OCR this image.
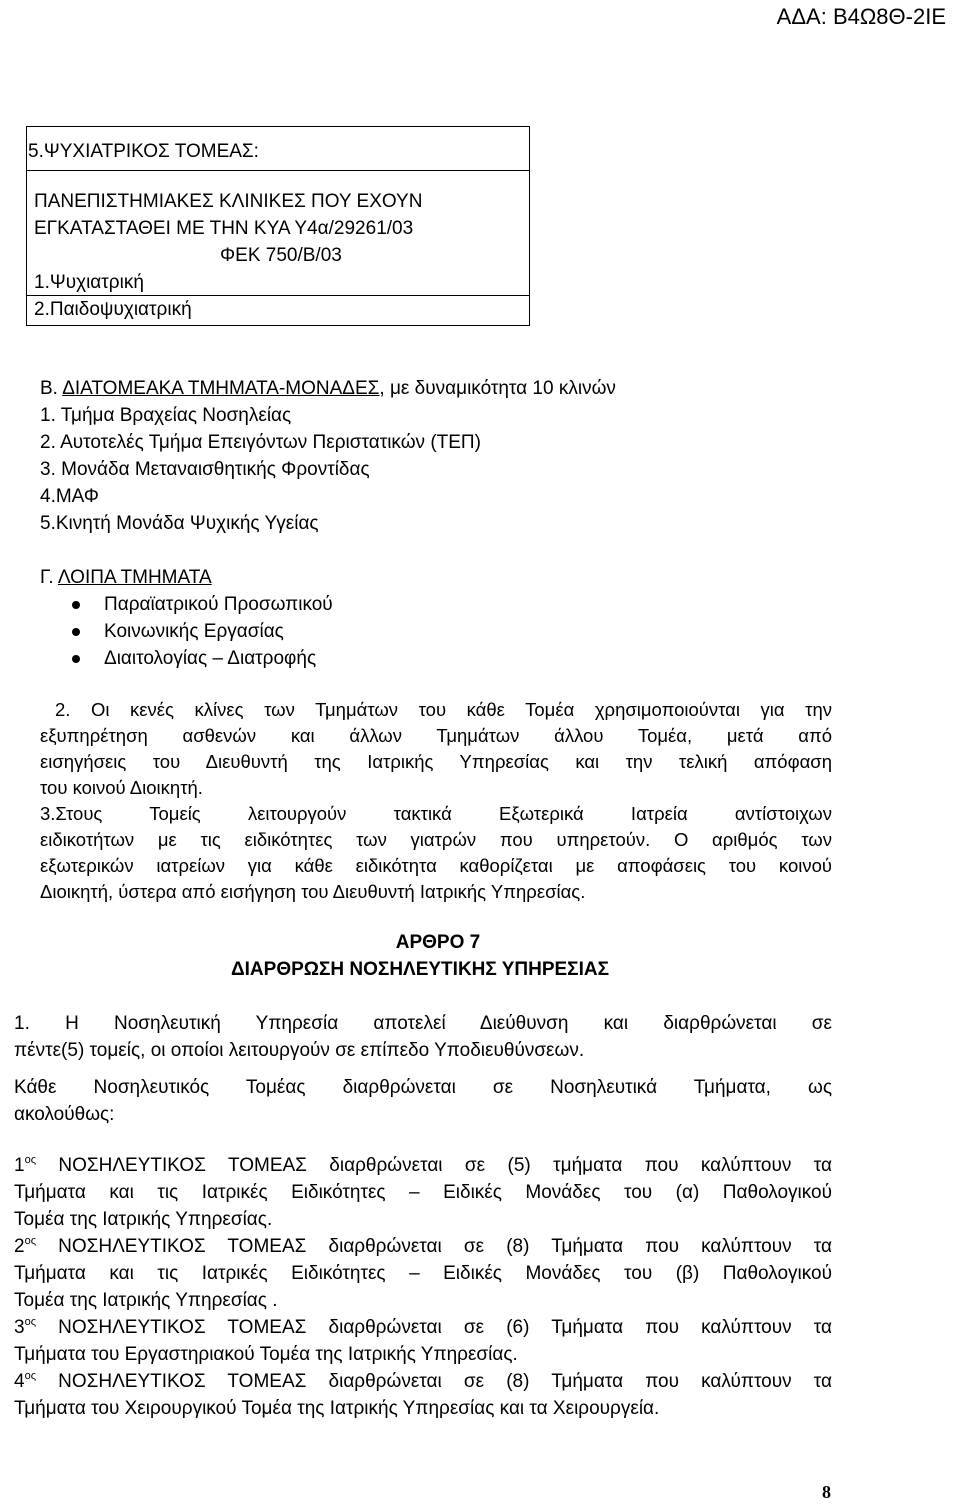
ΑΔΑ: Β4Ω8Θ-2ΙΕ
5.ΨΥΧΙΑΤΡΙΚΟΣ ΤΟΜΕΑΣ:
ΠΑΝΕΠΙΣΤΗΜΙΑΚΕΣ ΚΛΙΝΙΚΕΣ ΠΟΥ ΕΧΟΥΝ
ΕΓΚΑΤΑΣΤΑΘΕΙ ΜΕ ΤΗΝ ΚΥΑ Υ4α/29261/03
ΦΕΚ 750/Β/03
1.Ψυχιατρική
2.Παιδοψυχιατρική
Β. ΔΙΑΤΟΜΕΑΚΑ ΤΜΗΜΑΤΑ-ΜΟΝΑΔΕΣ, με δυναμικότητα 10 κλινών
1. Τμήμα Βραχείας Νοσηλείας
2. Αυτοτελές Τμήμα Επειγόντων Περιστατικών (ΤΕΠ)
3. Μονάδα Μεταναισθητικής Φροντίδας
4.ΜΑΦ
5.Κινητή Μονάδα Ψυχικής Υγείας
Γ. ΛΟΙΠΑ ΤΜΗΜΑΤΑ
Παραϊατρικού Προσωπικού
Κοινωνικής Εργασίας
Διαιτολογίας – Διατροφής
2. Οι κενές κλίνες των Τμημάτων του κάθε Τομέα χρησιμοποιούνται για την
εξυπηρέτηση ασθενών και άλλων Τμημάτων άλλου Τομέα, μετά από
εισηγήσεις του Διευθυντή της Ιατρικής Υπηρεσίας και την τελική απόφαση
του κοινού Διοικητή.
3.Στους Τομείς λειτουργούν τακτικά Εξωτερικά Ιατρεία αντίστοιχων
ειδικοτήτων με τις ειδικότητες των γιατρών που υπηρετούν. Ο αριθμός των
εξωτερικών ιατρείων για κάθε ειδικότητα καθορίζεται με αποφάσεις του κοινού
Διοικητή, ύστερα από εισήγηση του Διευθυντή Ιατρικής Υπηρεσίας.
ΑΡΘΡΟ 7
ΔΙΑΡΘΡΩΣΗ ΝΟΣΗΛΕΥΤΙΚΗΣ ΥΠΗΡΕΣΙΑΣ
1. Η Νοσηλευτική Υπηρεσία αποτελεί Διεύθυνση και διαρθρώνεται σε
πέντε(5) τομείς, οι οποίοι λειτουργούν σε επίπεδο Υποδιευθύνσεων.
Κάθε Νοσηλευτικός Τομέας διαρθρώνεται σε Νοσηλευτικά Τμήματα, ως
ακολούθως:
$1^{o\varsigma}$ ΝΟΣΗΛΕΥΤΙΚΟΣ ΤΟΜΕΑΣ διαρθρώνεται σε (5) τμήματα που καλύπτουν τα
Τμήματα και τις Ιατρικές Ειδικότητες – Ειδικές Μονάδες του (α) Παθολογικού
Τομέα της Ιατρικής Υπηρεσίας.
$2^{o\varsigma}$ ΝΟΣΗΛΕΥΤΙΚΟΣ ΤΟΜΕΑΣ διαρθρώνεται σε (8) Τμήματα που καλύπτουν τα
Τμήματα και τις Ιατρικές Ειδικότητες – Ειδικές Μονάδες του (β) Παθολογικού
Τομέα της Ιατρικής Υπηρεσίας .
$3^{o\varsigma}$ ΝΟΣΗΛΕΥΤΙΚΟΣ ΤΟΜΕΑΣ διαρθρώνεται σε (6) Τμήματα που καλύπτουν τα
Τμήματα του Εργαστηριακού Τομέα της Ιατρικής Υπηρεσίας.
$4^{o\varsigma}$ ΝΟΣΗΛΕΥΤΙΚΟΣ ΤΟΜΕΑΣ διαρθρώνεται σε (8) Τμήματα που καλύπτουν τα
Τμήματα του Χειρουργικού Τομέα της Ιατρικής Υπηρεσίας και τα Χειρουργεία.
8
